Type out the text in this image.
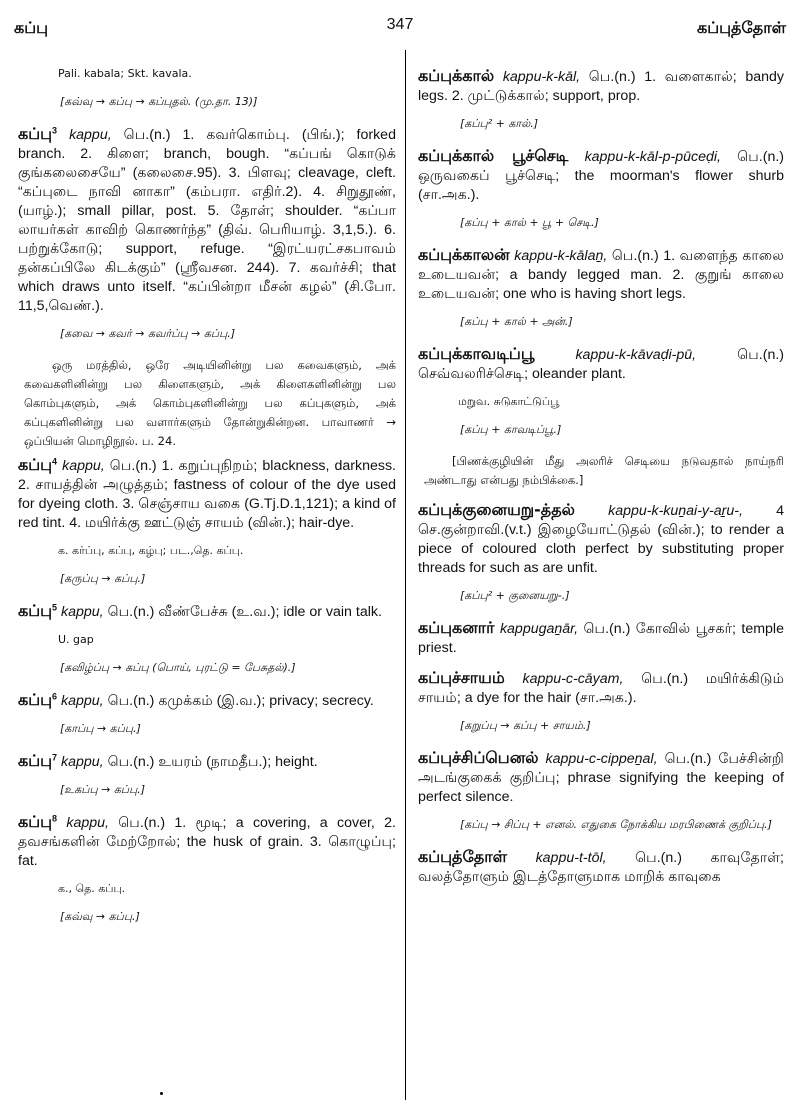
கப்பு	347	கப்புத்தோள்
Pali. kabala; Skt. kavala.
[கவ்வு → கப்பு → கப்புதல். (மு.தா. 13)]
கப்பு$^3$ kappu, பெ.(n.) 1. கவர்கொம்பு. (பிங்.); forked branch. 2. கிளை; branch, bough. “கப்பங் கொடுக் குங்கலைசையே” (கலைசை.95). 3. பிளவு; cleavage, cleft. “கப்புடை நாவி னாகா” (கம்பரா. எதிர்.2). 4. சிறுதூண், (யாழ்.); small pillar, post. 5. தோள்; shoulder. “கப்பா லாயர்கள் காவிற் கொணர்ந்த” (திவ். பெரியாழ். 3,1,5.). 6. பற்றுக்கோடு; support, refuge. “இரட்யரட்சகபாவம் தன்கப்பிலே கிடக்கும்” (ஸ்ரீவசன. 244). 7. கவர்ச்சி; that which draws unto itself. “கப்பின்றா மீசன் கழல்” (சி.போ. 11,5,வெண்.).
[கவை → கவர் → கவர்ப்பு → கப்பு.]
ஒரு மரத்தில், ஒரே அடியினின்று பல கவைகளும், அக் கவைகளினின்று பல கிளைகளும், அக் கிளைகளினின்று பல கொம்புகளும், அக் கொம்புகளினின்று பல கப்புகளும், அக் கப்புகளினின்று பல வளார்களும் தோன்றுகின்றன. பாவாணர் → ஒப்பியன் மொழிநூல். ப. 24.
கப்பு$^4$ kappu, பெ.(n.) 1. கறுப்புநிறம்; blackness, darkness. 2. சாயத்தின் அழுத்தம்; fastness of colour of the dye used for dyeing cloth. 3. செஞ்சாய வகை (G.Tj.D.1,121); a kind of red tint. 4. மயிர்க்கு ஊட்டுஞ் சாயம் (வின்.); hair-dye.
க. கர்ப்பு, கப்பு, கழ்பு; பட.,தெ. கப்பு.
[கருப்பு → கப்பு.]
கப்பு$^5$ kappu, பெ.(n.) வீண்பேச்சு (உ.வ.); idle or vain talk.
U. gap
[கவிழ்ப்பு → கப்பு (பொய், புரட்டு = பேசுதல்).]
கப்பு$^6$ kappu, பெ.(n.) கமுக்கம் (இ.வ.); privacy; secrecy.
[காப்பு → கப்பு.]
கப்பு$^7$ kappu, பெ.(n.) உயரம் (நாமதீப.); height.
[உகப்பு → கப்பு.]
கப்பு$^8$ kappu, பெ.(n.) 1. மூடி; a covering, a cover, 2. தவசங்களின் மேற்றோல்; the husk of grain. 3. கொழுப்பு; fat.
க., தெ. கப்பு.
[கவ்வு → கப்பு.]
கப்புக்கால் kappu-k-kāl, பெ.(n.) 1. வளைகால்; bandy legs. 2. முட்டுக்கால்; support, prop.
[கப்பு² + கால்.]
கப்புக்கால் பூச்செடி kappu-k-kāl-p-pūceḍi, பெ.(n.) ஒருவகைப் பூச்செடி; the moorman's flower shurb (சா.அக.).
[கப்பு + கால் + பூ + செடி.]
கப்புக்காலன் kappu-k-kālaṉ, பெ.(n.) 1. வளைந்த காலை உடையவன்; a bandy legged man. 2. குறுங் காலை உடையவன்; one who is having short legs.
[கப்பு + கால் + அன்.]
கப்புக்காவடிப்பூ	kappu-k-kāvaḍi-pū,	பெ.(n.) செவ்வலரிச்செடி; oleander plant.
மறுவ. சுடுகாட்டுப்பூ
[கப்பு + காவடிப்பூ.]
[பிணக்குழியின் மீது அலரிச் செடியை நடுவதால் நாய்நரி அண்டாது என்பது நம்பிக்கை.]
கப்புக்குனையறு-த்தல் kappu-k-kuṉai-y-aṟu-, 4 செ.குன்றாவி.(v.t.) இழையோட்டுதல் (வின்.); to render a piece of coloured cloth perfect by substituting proper threads for such as are unfit.
[கப்பு² + குனையறு-.]
கப்புகனார் kappugaṉār, பெ.(n.) கோவில் பூசகர்; temple priest.
கப்புச்சாயம் kappu-c-cāyam, பெ.(n.) மயிர்க்கிடும் சாயம்; a dye for the hair (சா.அக.).
[கறுப்பு → கப்பு + சாயம்.]
கப்புச்சிப்பெனல் kappu-c-cippeṉal, பெ.(n.) பேச்சின்றி அடங்குகைக் குறிப்பு; phrase signifying the keeping of perfect silence.
[கப்பு → சிப்பு + எனல். எதுகை நோக்கிய மரபிணைக் குறிப்பு.]
கப்புத்தோள் kappu-t-tōl, பெ.(n.) காவுதோள்; வலத்தோளும் இடத்தோளுமாக மாறிக் காவுகை
